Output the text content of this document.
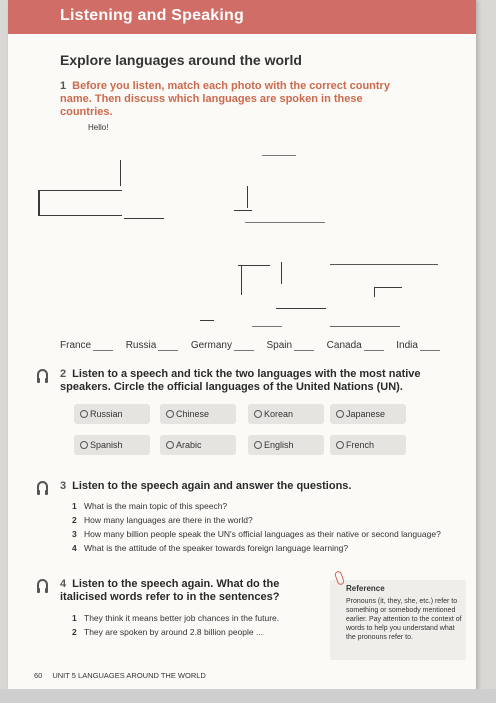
Listening and Speaking
Explore languages around the world
1 Before you listen, match each photo with the correct country name. Then discuss which languages are spoken in these countries.
Hello!
France	Russia	Germany	Spain	Canada	India
2 Listen to a speech and tick the two languages with the most native speakers. Circle the official languages of the United Nations (UN).
Russian	Chinese	Korean	Japanese
Spanish	Arabic	English	French
3 Listen to the speech again and answer the questions.
1 What is the main topic of this speech?
2 How many languages are there in the world?
3 How many billion people speak the UN's official languages as their native or second language?
4 What is the attitude of the speaker towards foreign language learning?
4 Listen to the speech again. What do the italicised words refer to in the sentences?
1 They think it means better job chances in the future.
2 They are spoken by around 2.8 billion people ...
Reference
Pronouns (it, they, she, etc.) refer to something or somebody mentioned earlier. Pay attention to the context of words to help you understand what the pronouns refer to.
60 UNIT 5 LANGUAGES AROUND THE WORLD
